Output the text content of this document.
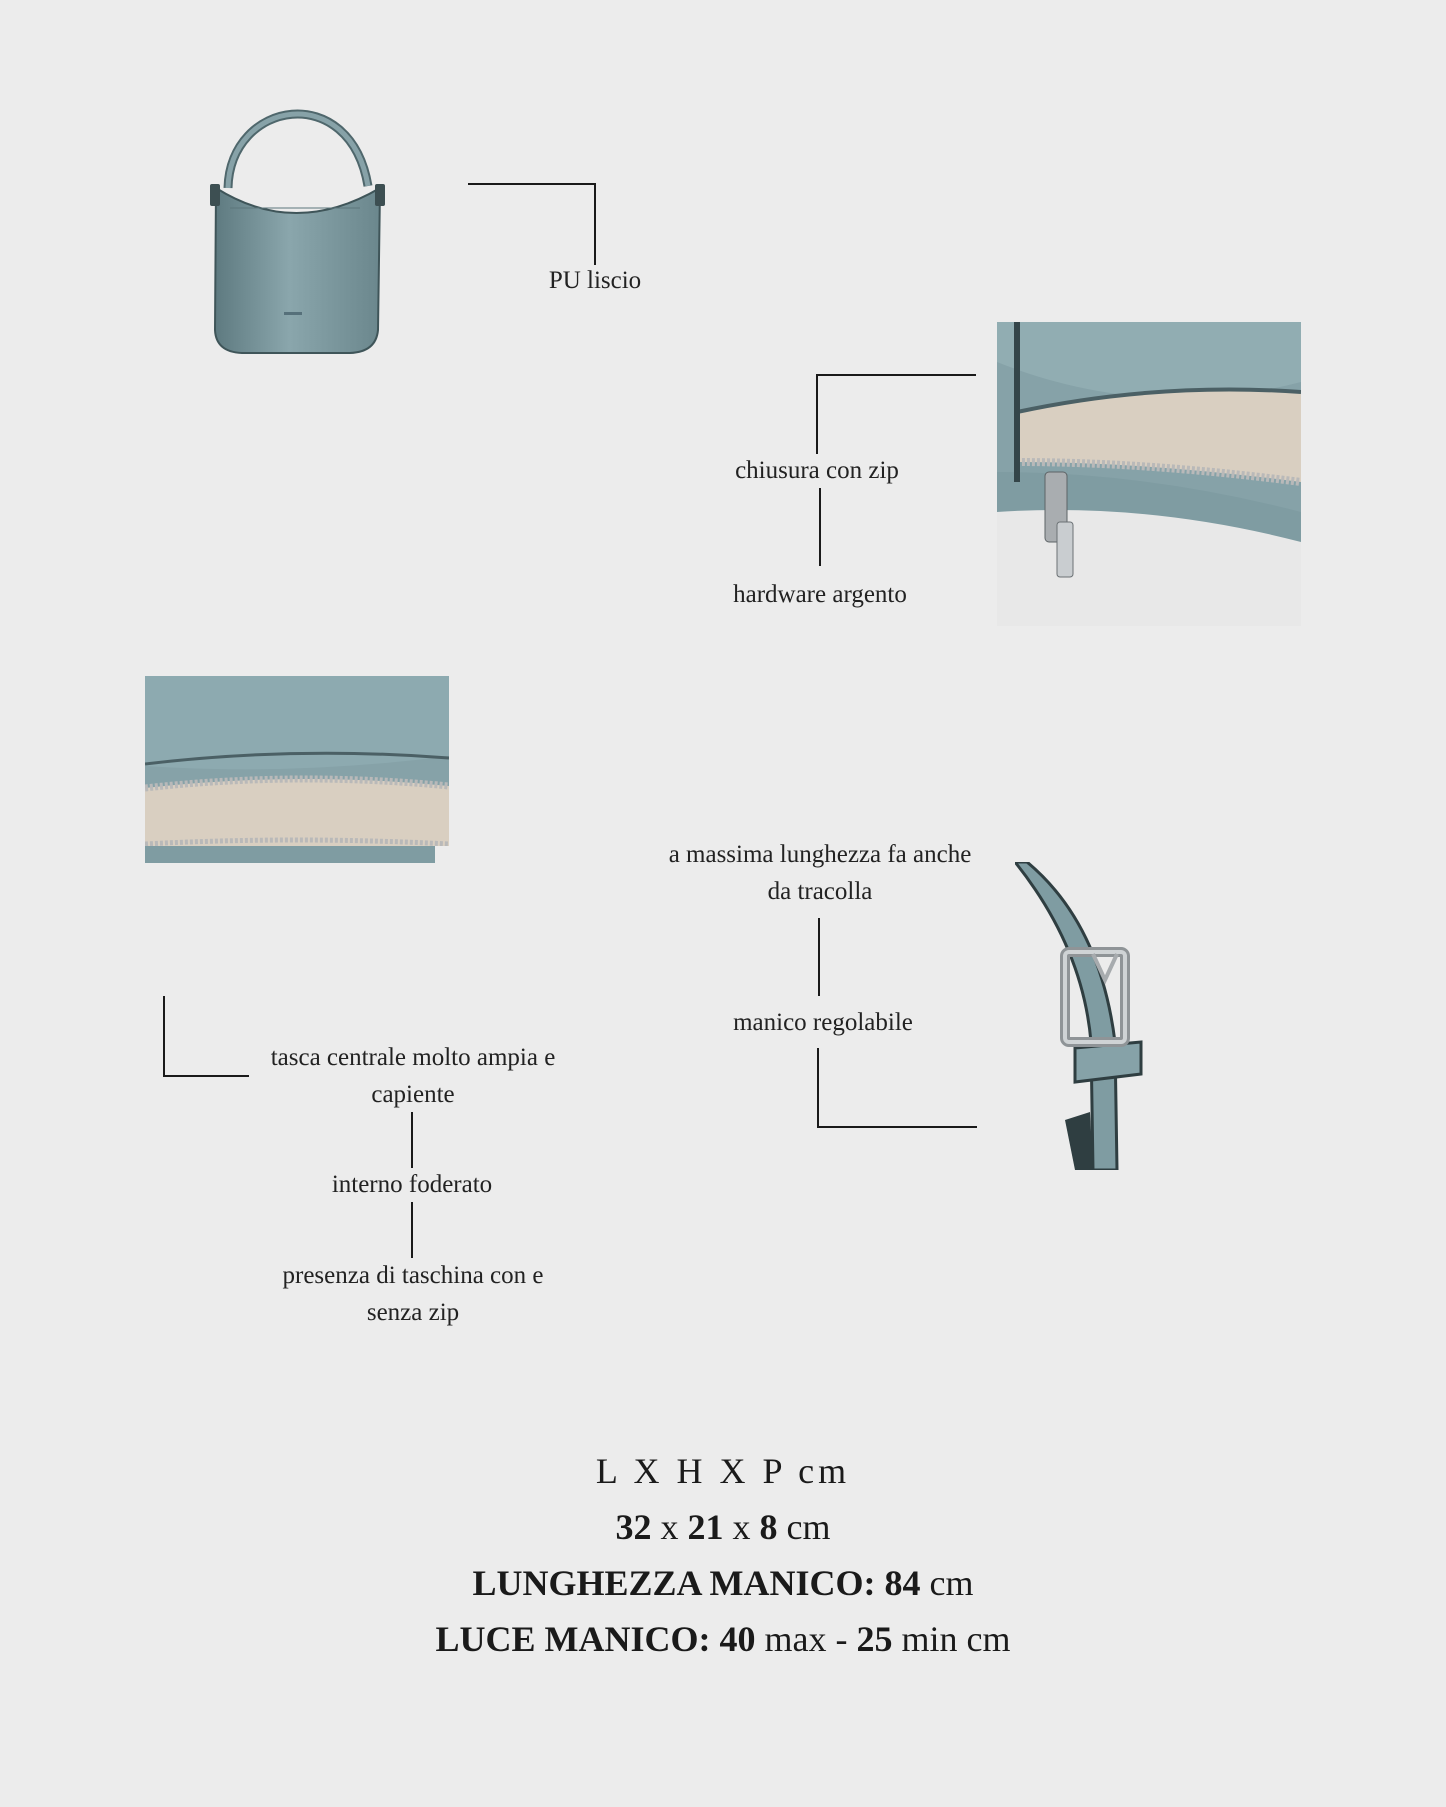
PU liscio
chiusura con zip
hardware argento
tasca centrale molto ampia e
capiente
interno foderato
presenza di taschina con e
senza zip
a massima lunghezza fa anche
da tracolla
manico regolabile
L X H X P cm
32 x 21 x 8 cm
LUNGHEZZA MANICO: 84 cm
LUCE MANICO: 40 max - 25 min cm
